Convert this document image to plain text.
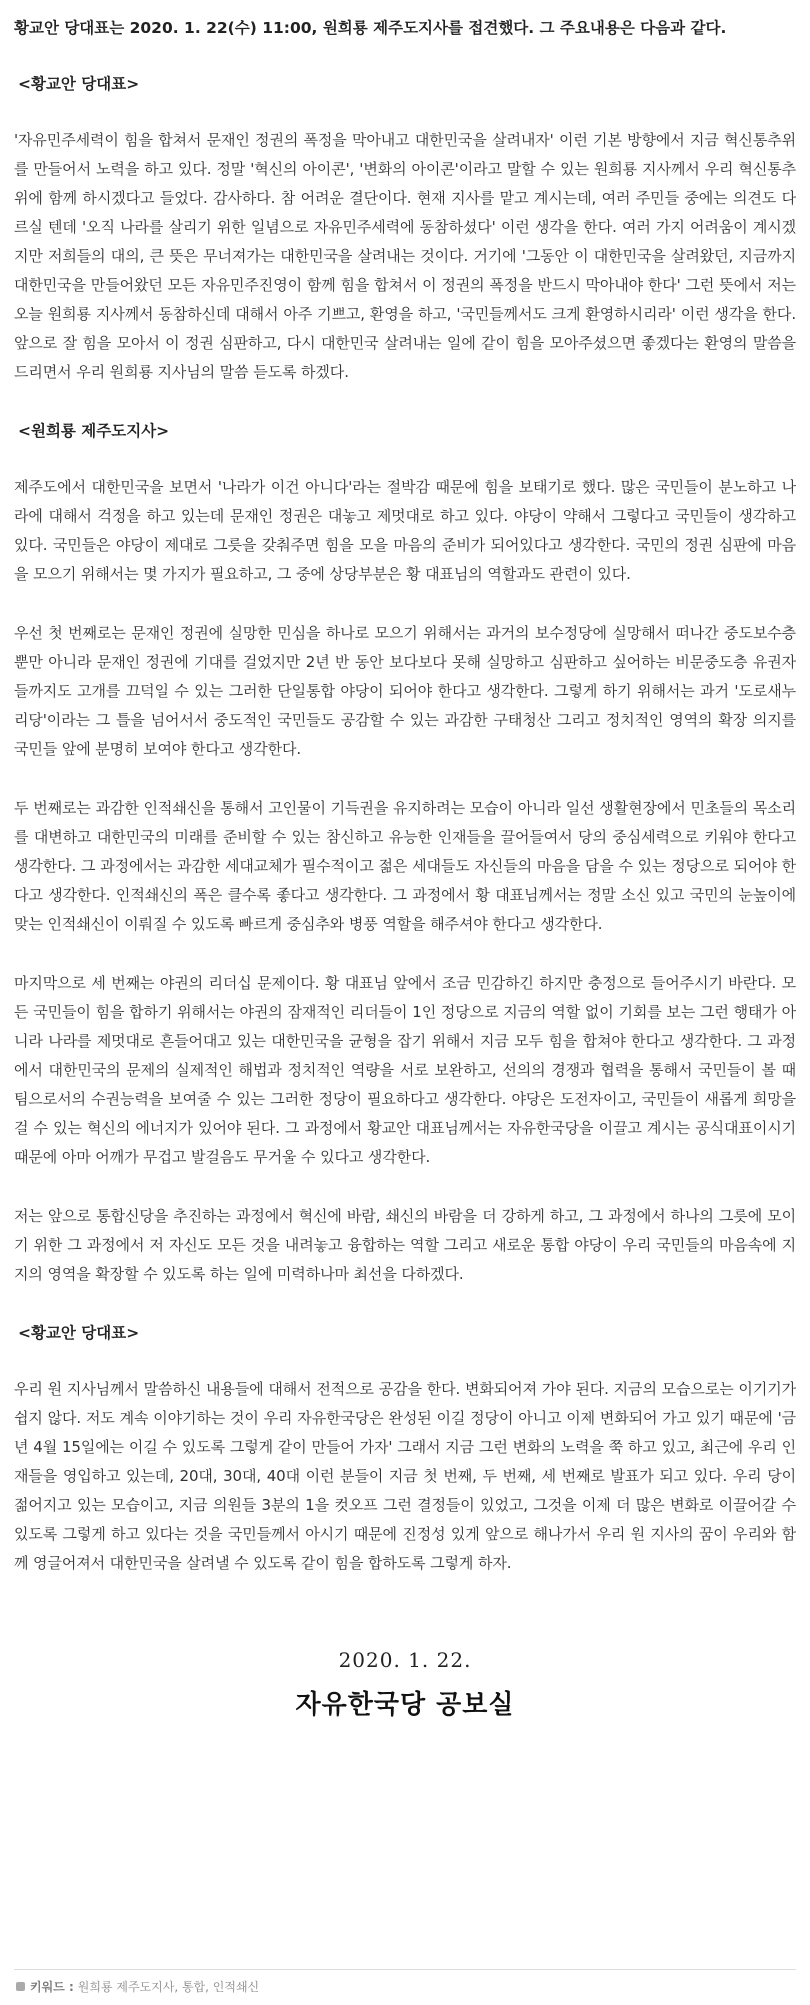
황교안 당대표는 2020. 1. 22(수) 11:00, 원희룡 제주도지사를 접견했다. 그 주요내용은 다음과 같다.

<황교안 당대표>

'자유민주세력이 힘을 합쳐서 문재인 정권의 폭정을 막아내고 대한민국을 살려내자' 이런 기본 방향에서 지금 혁신통추위를 만들어서 노력을 하고 있다. 정말 '혁신의 아이콘', '변화의 아이콘'이라고 말할 수 있는 원희룡 지사께서 우리 혁신통추위에 함께 하시겠다고 들었다. 감사하다. 참 어려운 결단이다. 현재 지사를 맡고 계시는데, 여러 주민들 중에는 의견도 다르실 텐데 '오직 나라를 살리기 위한 일념으로 자유민주세력에 동참하셨다' 이런 생각을 한다. 여러 가지 어려움이 계시겠지만 저희들의 대의, 큰 뜻은 무너져가는 대한민국을 살려내는 것이다. 거기에 '그동안 이 대한민국을 살려왔던, 지금까지 대한민국을 만들어왔던 모든 자유민주진영이 함께 힘을 합쳐서 이 정권의 폭정을 반드시 막아내야 한다' 그런 뜻에서 저는 오늘 원희룡 지사께서 동참하신데 대해서 아주 기쁘고, 환영을 하고, '국민들께서도 크게 환영하시리라' 이런 생각을 한다. 앞으로 잘 힘을 모아서 이 정권 심판하고, 다시 대한민국 살려내는 일에 같이 힘을 모아주셨으면 좋겠다는 환영의 말씀을 드리면서 우리 원희룡 지사님의 말씀 듣도록 하겠다.

<원희룡 제주도지사>

제주도에서 대한민국을 보면서 '나라가 이건 아니다'라는 절박감 때문에 힘을 보태기로 했다. 많은 국민들이 분노하고 나라에 대해서 걱정을 하고 있는데 문재인 정권은 대놓고 제멋대로 하고 있다. 야당이 약해서 그렇다고 국민들이 생각하고 있다. 국민들은 야당이 제대로 그릇을 갖춰주면 힘을 모을 마음의 준비가 되어있다고 생각한다. 국민의 정권 심판에 마음을 모으기 위해서는 몇 가지가 필요하고, 그 중에 상당부분은 황 대표님의 역할과도 관련이 있다.

우선 첫 번째로는 문재인 정권에 실망한 민심을 하나로 모으기 위해서는 과거의 보수정당에 실망해서 떠나간 중도보수층뿐만 아니라 문재인 정권에 기대를 걸었지만 2년 반 동안 보다보다 못해 실망하고 심판하고 싶어하는 비문중도층 유권자들까지도 고개를 끄덕일 수 있는 그러한 단일통합 야당이 되어야 한다고 생각한다. 그렇게 하기 위해서는 과거 '도로새누리당'이라는 그 틀을 넘어서서 중도적인 국민들도 공감할 수 있는 과감한 구태청산 그리고 정치적인 영역의 확장 의지를 국민들 앞에 분명히 보여야 한다고 생각한다.

두 번째로는 과감한 인적쇄신을 통해서 고인물이 기득권을 유지하려는 모습이 아니라 일선 생활현장에서 민초들의 목소리를 대변하고 대한민국의 미래를 준비할 수 있는 참신하고 유능한 인재들을 끌어들여서 당의 중심세력으로 키워야 한다고 생각한다. 그 과정에서는 과감한 세대교체가 필수적이고 젊은 세대들도 자신들의 마음을 담을 수 있는 정당으로 되어야 한다고 생각한다. 인적쇄신의 폭은 클수록 좋다고 생각한다. 그 과정에서 황 대표님께서는 정말 소신 있고 국민의 눈높이에 맞는 인적쇄신이 이뤄질 수 있도록 빠르게 중심추와 병풍 역할을 해주셔야 한다고 생각한다.

마지막으로 세 번째는 야권의 리더십 문제이다. 황 대표님 앞에서 조금 민감하긴 하지만 충정으로 들어주시기 바란다. 모든 국민들이 힘을 합하기 위해서는 야권의 잠재적인 리더들이 1인 정당으로 지금의 역할 없이 기회를 보는 그런 행태가 아니라 나라를 제멋대로 흔들어대고 있는 대한민국을 균형을 잡기 위해서 지금 모두 힘을 합쳐야 한다고 생각한다. 그 과정에서 대한민국의 문제의 실제적인 해법과 정치적인 역량을 서로 보완하고, 선의의 경쟁과 협력을 통해서 국민들이 볼 때 팀으로서의 수권능력을 보여줄 수 있는 그러한 정당이 필요하다고 생각한다. 야당은 도전자이고, 국민들이 새롭게 희망을 걸 수 있는 혁신의 에너지가 있어야 된다. 그 과정에서 황교안 대표님께서는 자유한국당을 이끌고 계시는 공식대표이시기 때문에 아마 어깨가 무겁고 발걸음도 무거울 수 있다고 생각한다.

저는 앞으로 통합신당을 추진하는 과정에서 혁신에 바람, 쇄신의 바람을 더 강하게 하고, 그 과정에서 하나의 그릇에 모이기 위한 그 과정에서 저 자신도 모든 것을 내려놓고 융합하는 역할 그리고 새로운 통합 야당이 우리 국민들의 마음속에 지지의 영역을 확장할 수 있도록 하는 일에 미력하나마 최선을 다하겠다.

<황교안 당대표>

우리 원 지사님께서 말씀하신 내용들에 대해서 전적으로 공감을 한다. 변화되어져 가야 된다. 지금의 모습으로는 이기기가 쉽지 않다. 저도 계속 이야기하는 것이 우리 자유한국당은 완성된 이길 정당이 아니고 이제 변화되어 가고 있기 때문에 '금년 4월 15일에는 이길 수 있도록 그렇게 같이 만들어 가자' 그래서 지금 그런 변화의 노력을 쭉 하고 있고, 최근에 우리 인재들을 영입하고 있는데, 20대, 30대, 40대 이런 분들이 지금 첫 번째, 두 번째, 세 번째로 발표가 되고 있다. 우리 당이 젊어지고 있는 모습이고, 지금 의원들 3분의 1을 컷오프 그런 결정들이 있었고, 그것을 이제 더 많은 변화로 이끌어갈 수 있도록 그렇게 하고 있다는 것을 국민들께서 아시기 때문에 진정성 있게 앞으로 해나가서 우리 원 지사의 꿈이 우리와 함께 영글어져서 대한민국을 살려낼 수 있도록 같이 힘을 합하도록 그렇게 하자.

2020. 1. 22.
자유한국당 공보실
키워드 : 원희룡 제주도지사, 통합, 인적쇄신
